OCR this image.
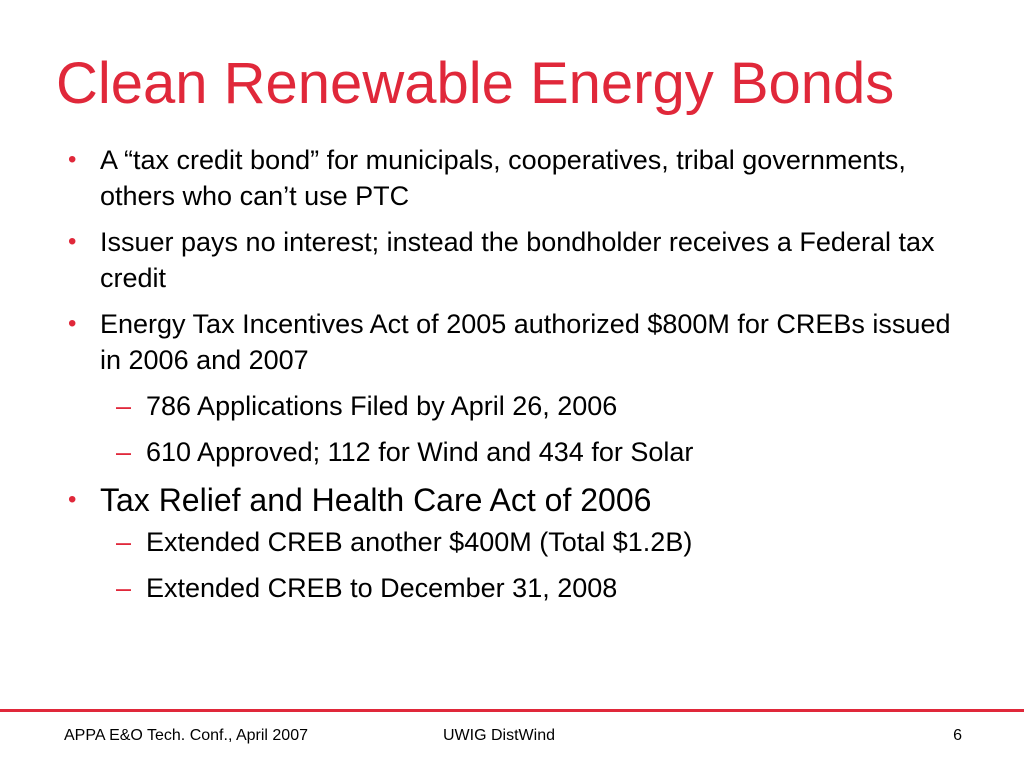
Clean Renewable Energy Bonds
• A “tax credit bond” for municipals, cooperatives, tribal governments, others who can’t use PTC
• Issuer pays no interest; instead the bondholder receives a Federal tax credit
• Energy Tax Incentives Act of 2005 authorized $800M for CREBs issued in 2006 and 2007
– 786 Applications Filed by April 26, 2006
– 610 Approved; 112 for Wind and 434 for Solar
• Tax Relief and Health Care Act of 2006
– Extended CREB another $400M (Total $1.2B)
– Extended CREB to December 31, 2008
APPA E&O Tech. Conf., April 2007	UWIG DistWind	6
